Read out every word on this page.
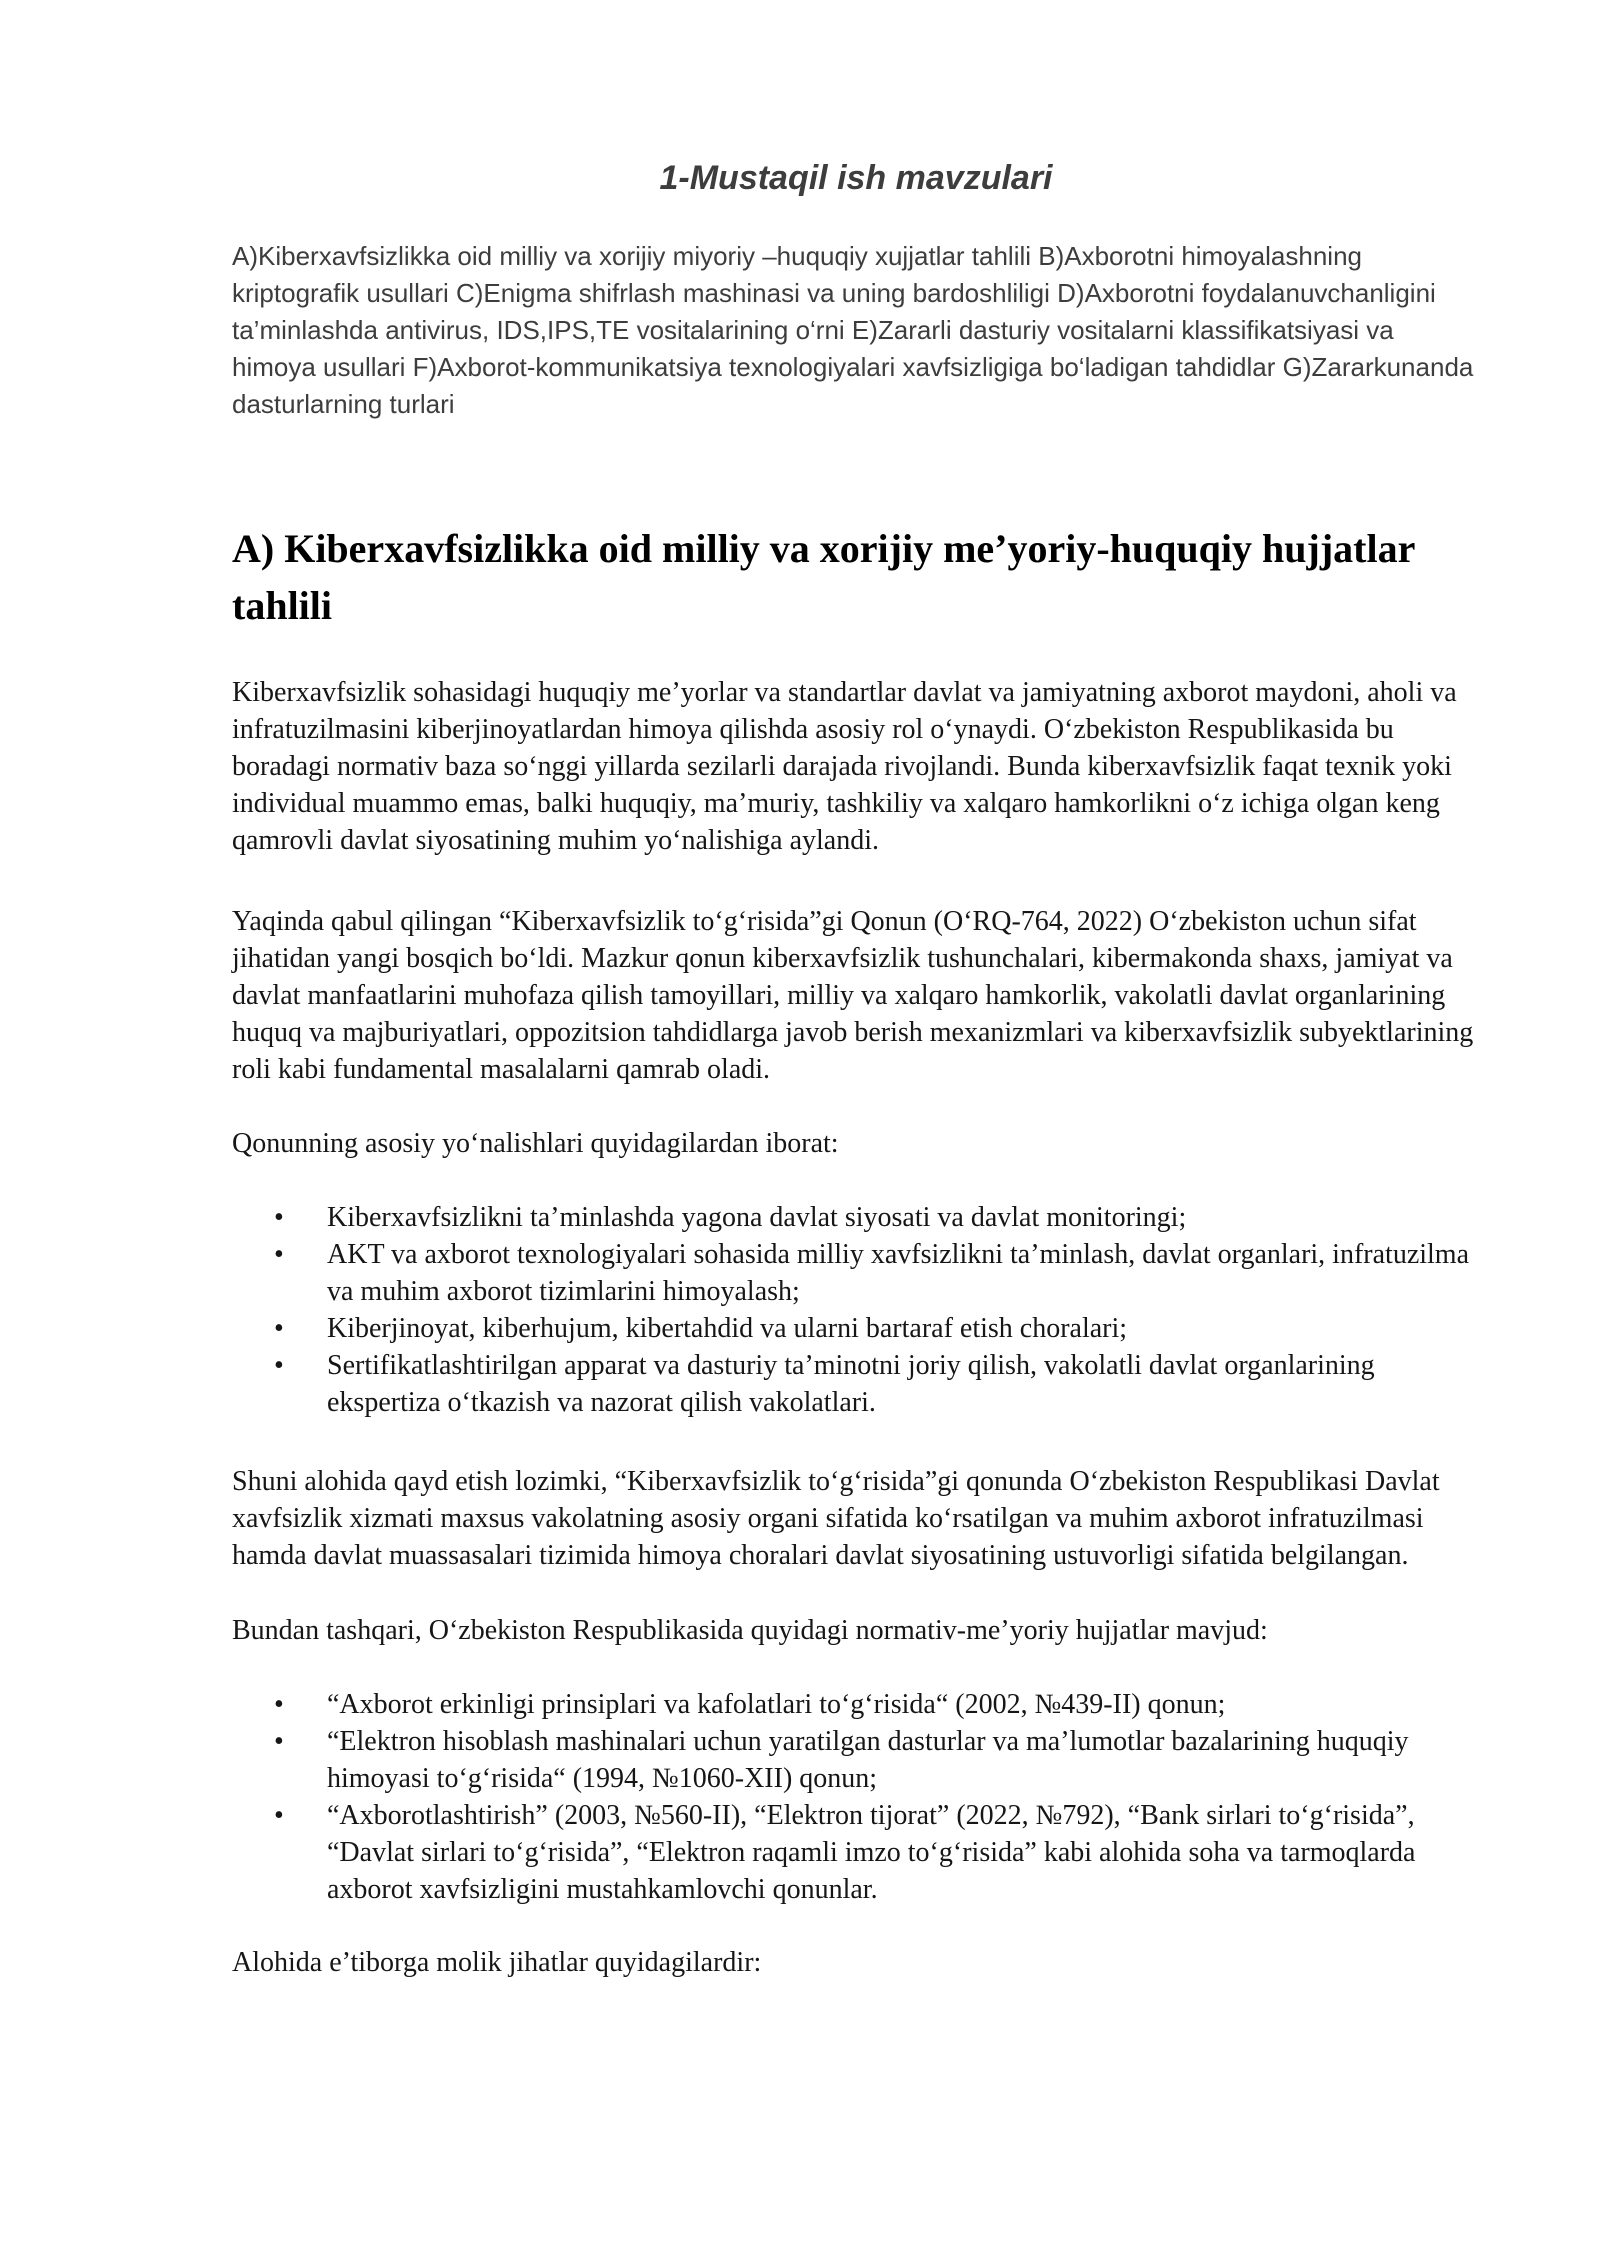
1-Mustaqil ish mavzulari

A)Kiberxavfsizlikka oid milliy va xorijiy miyoriy –huquqiy xujjatlar tahlili B)Axborotni himoyalashning kriptografik usullari C)Enigma shifrlash mashinasi va uning bardoshliligi D)Axborotni foydalanuvchanligini ta’minlashda antivirus, IDS,IPS,TE vositalarining o‘rni E)Zararli dasturiy vositalarni klassifikatsiyasi va himoya usullari F)Axborot-kommunikatsiya texnologiyalari xavfsizligiga bo‘ladigan tahdidlar G)Zararkunanda dasturlarning turlari

A) Kiberxavfsizlikka oid milliy va xorijiy me’yoriy-huquqiy hujjatlar tahlili

Kiberxavfsizlik sohasidagi huquqiy me’yorlar va standartlar davlat va jamiyatning axborot maydoni, aholi va infratuzilmasini kiberjinoyatlardan himoya qilishda asosiy rol o‘ynaydi. O‘zbekiston Respublikasida bu boradagi normativ baza so‘nggi yillarda sezilarli darajada rivojlandi. Bunda kiberxavfsizlik faqat texnik yoki individual muammo emas, balki huquqiy, ma’muriy, tashkiliy va xalqaro hamkorlikni o‘z ichiga olgan keng qamrovli davlat siyosatining muhim yo‘nalishiga aylandi.

Yaqinda qabul qilingan “Kiberxavfsizlik to‘g‘risida”gi Qonun (O‘RQ-764, 2022) O‘zbekiston uchun sifat jihatidan yangi bosqich bo‘ldi. Mazkur qonun kiberxavfsizlik tushunchalari, kibermakonda shaxs, jamiyat va davlat manfaatlarini muhofaza qilish tamoyillari, milliy va xalqaro hamkorlik, vakolatli davlat organlarining huquq va majburiyatlari, oppozitsion tahdidlarga javob berish mexanizmlari va kiberxavfsizlik subyektlarining roli kabi fundamental masalalarni qamrab oladi.

Qonunning asosiy yo‘nalishlari quyidagilardan iborat:

• Kiberxavfsizlikni ta’minlashda yagona davlat siyosati va davlat monitoringi;
• AKT va axborot texnologiyalari sohasida milliy xavfsizlikni ta’minlash, davlat organlari, infratuzilma va muhim axborot tizimlarini himoyalash;
• Kiberjinoyat, kiberhujum, kibertahdid va ularni bartaraf etish choralari;
• Sertifikatlashtirilgan apparat va dasturiy ta’minotni joriy qilish, vakolatli davlat organlarining ekspertiza o‘tkazish va nazorat qilish vakolatlari.

Shuni alohida qayd etish lozimki, “Kiberxavfsizlik to‘g‘risida”gi qonunda O‘zbekiston Respublikasi Davlat xavfsizlik xizmati maxsus vakolatning asosiy organi sifatida ko‘rsatilgan va muhim axborot infratuzilmasi hamda davlat muassasalari tizimida himoya choralari davlat siyosatining ustuvorligi sifatida belgilangan.

Bundan tashqari, O‘zbekiston Respublikasida quyidagi normativ-me’yoriy hujjatlar mavjud:

• “Axborot erkinligi prinsiplari va kafolatlari to‘g‘risida“ (2002, №439-II) qonun;
• “Elektron hisoblash mashinalari uchun yaratilgan dasturlar va ma’lumotlar bazalarining huquqiy himoyasi to‘g‘risida“ (1994, №1060-XII) qonun;
• “Axborotlashtirish” (2003, №560-II), “Elektron tijorat” (2022, №792), “Bank sirlari to‘g‘risida”, “Davlat sirlari to‘g‘risida”, “Elektron raqamli imzo to‘g‘risida” kabi alohida soha va tarmoqlarda axborot xavfsizligini mustahkamlovchi qonunlar.

Alohida e’tiborga molik jihatlar quyidagilardir:
